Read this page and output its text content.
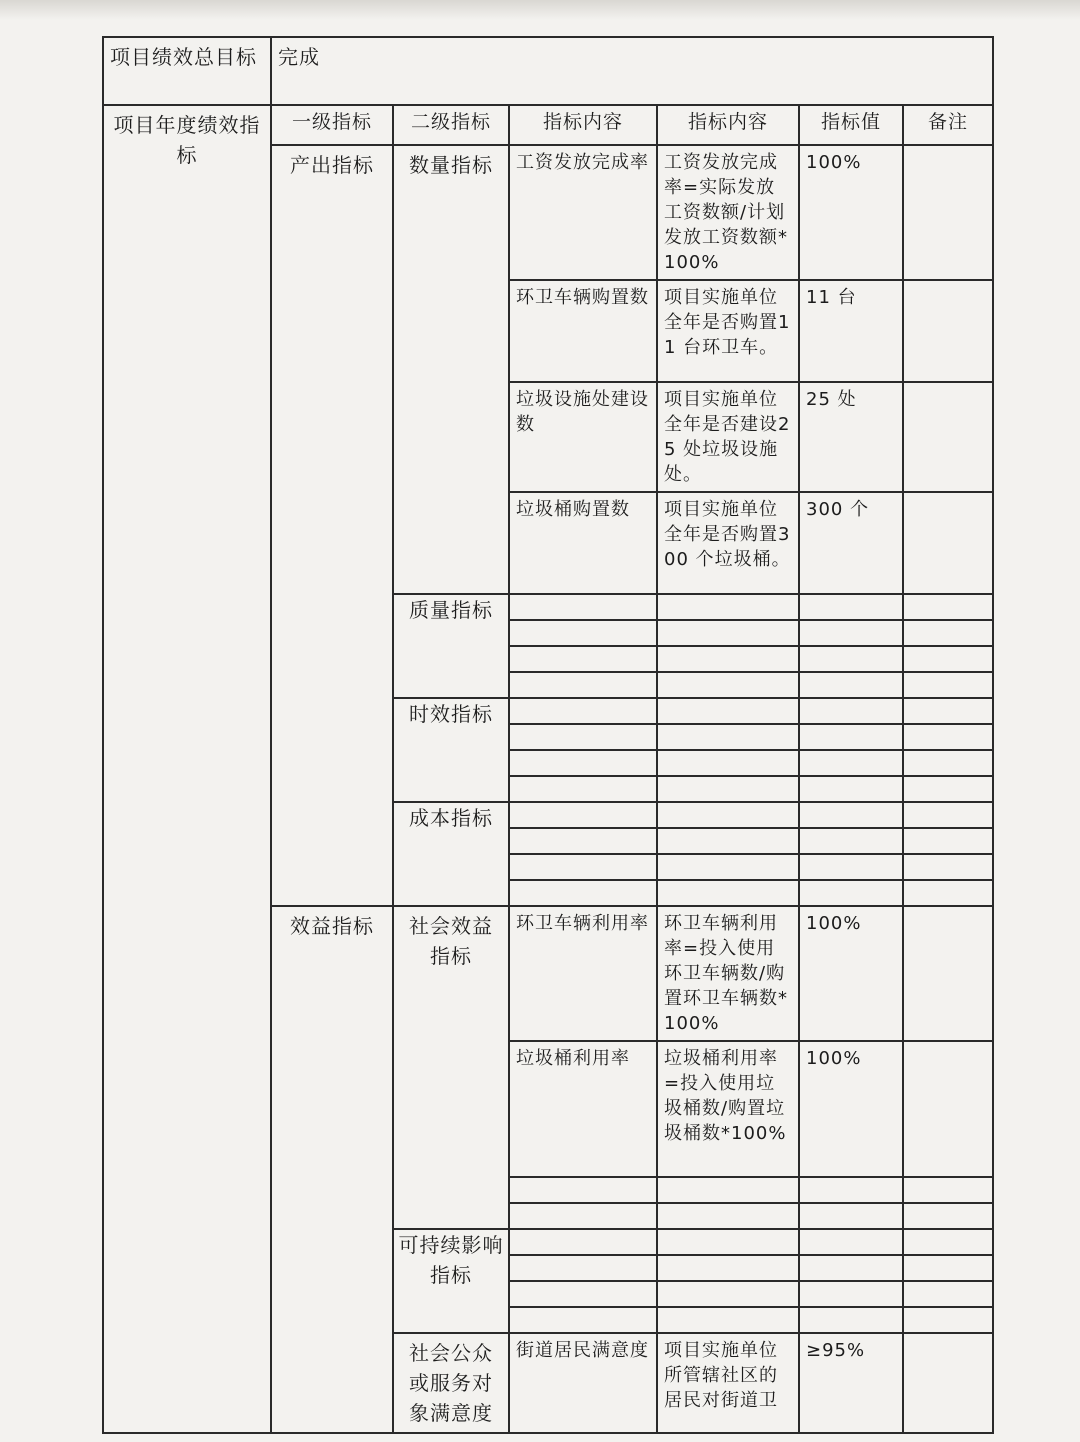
项目绩效总目标	完成					
项目年度绩效指标	一级指标	二级指标	指标内容	指标内容	指标值	备注
	产出指标	数量指标	工资发放完成率	工资发放完成率=实际发放工资数额/计划发放工资数额*100%	100%	
			环卫车辆购置数	项目实施单位全年是否购置11 台环卫车。	11 台	
			垃圾设施处建设数	项目实施单位全年是否建设25 处垃圾设施处。	25 处	
			垃圾桶购置数	项目实施单位全年是否购置300 个垃圾桶。	300 个	
		质量指标				

		时效指标				

		成本指标				

	效益指标	社会效益指标	环卫车辆利用率	环卫车辆利用率=投入使用环卫车辆数/购置环卫车辆数*100%	100%	
			垃圾桶利用率	垃圾桶利用率=投入使用垃圾桶数/购置垃圾桶数*100%	100%	

		可持续影响指标				

		社会公众或服务对象满意度	街道居民满意度	项目实施单位所管辖社区的居民对街道卫	≥95%	
